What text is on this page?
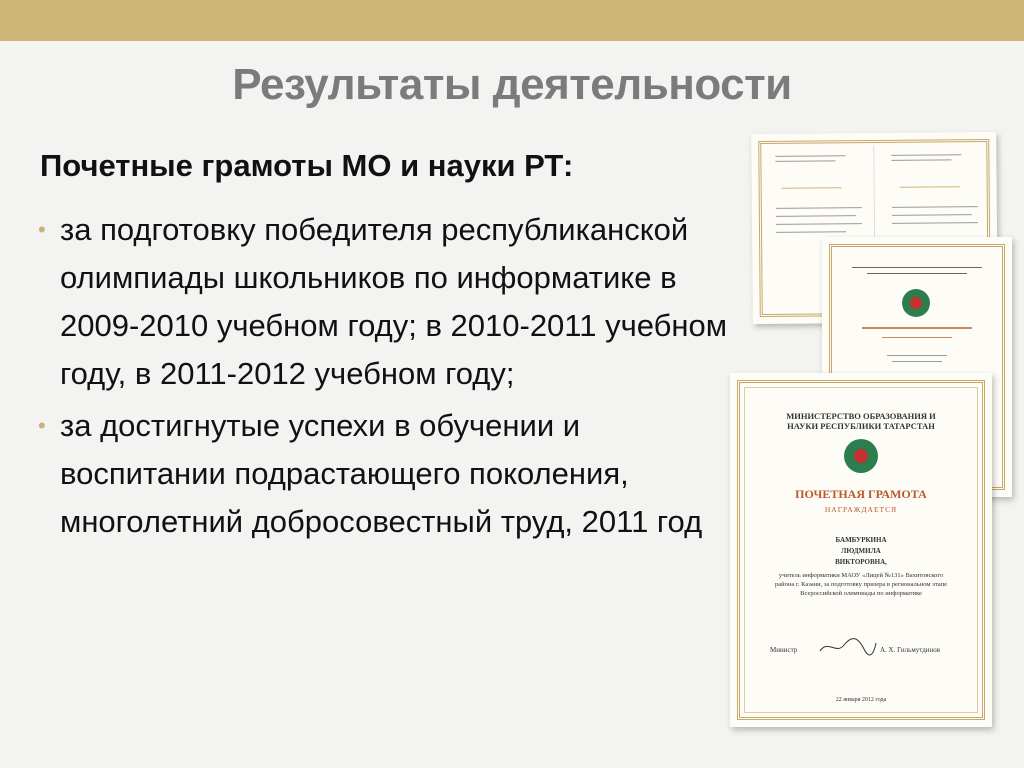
Результаты деятельности
Почетные грамоты МО и науки РТ:
• за подготовку победителя республиканской олимпиады школьников по информатике в 2009-2010 учебном году; в 2010-2011 учебном году, в 2011-2012 учебном году;
• за достигнутые успехи в обучении и воспитании подрастающего поколения, многолетний добросовестный труд, 2011 год
МИНИСТЕРСТВО ОБРАЗОВАНИЯ И НАУКИ РЕСПУБЛИКИ ТАТАРСТАН
ПОЧЕТНАЯ ГРАМОТА
НАГРАЖДАЕТСЯ
БАМБУРКИНА
ЛЮДМИЛА
ВИКТОРОВНА,
учитель информатики МАОУ «Лицей №131» Вахитовского района г. Казани, за подготовку призера в региональном этапе Всероссийской олимпиады по информатике
Министр	А. Х. Гильмутдинов
22 января 2012 года
